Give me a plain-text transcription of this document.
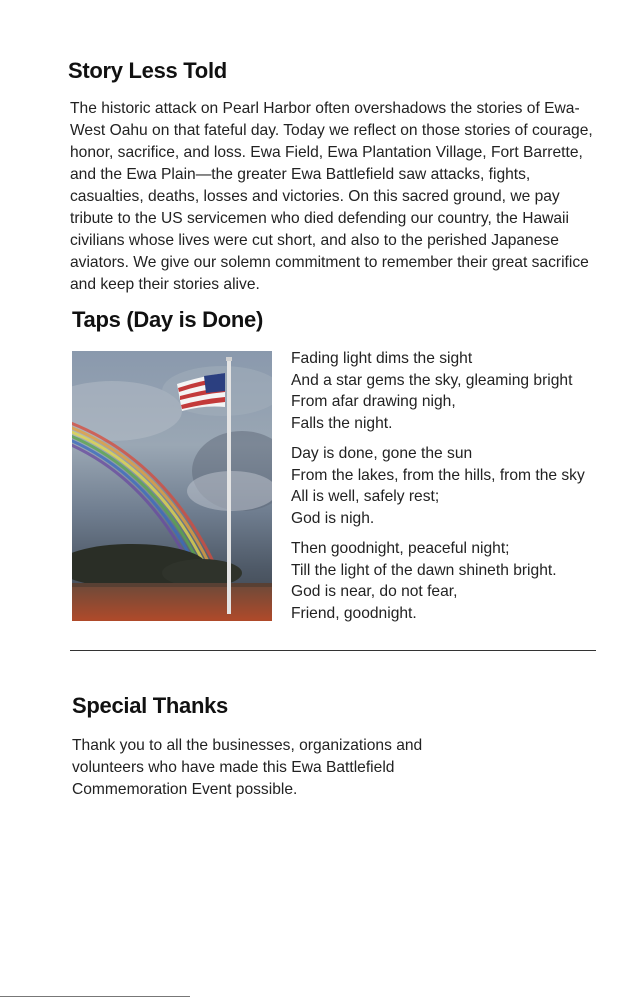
Story Less Told

The historic attack on Pearl Harbor often overshadows the stories of Ewa-West Oahu on that fateful day. Today we reflect on those stories of courage, honor, sacrifice, and loss. Ewa Field, Ewa Plantation Village, Fort Barrette, and the Ewa Plain—the greater Ewa Battlefield saw attacks, fights, casualties, deaths, losses and victories. On this sacred ground, we pay tribute to the US servicemen who died defending our country, the Hawaii civilians whose lives were cut short, and also to the perished Japanese aviators. We give our solemn commitment to remember their great sacrifice and keep their stories alive.

Taps (Day is Done)

Fading light dims the sight
And a star gems the sky, gleaming bright
From afar drawing nigh,
Falls the night.

Day is done, gone the sun
From the lakes, from the hills, from the sky
All is well, safely rest;
God is nigh.

Then goodnight, peaceful night;
Till the light of the dawn shineth bright.
God is near, do not fear,
Friend, goodnight.

Special Thanks

Thank you to all the businesses, organizations and volunteers who have made this Ewa Battlefield Commemoration Event possible.
